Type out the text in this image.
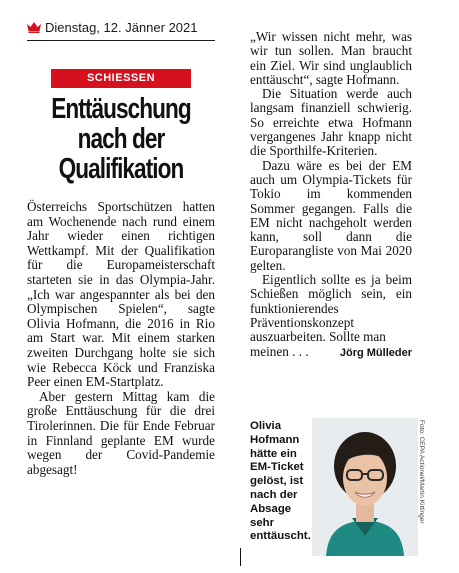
Dienstag, 12. Jänner 2021
SCHIESSEN
Enttäuschung
nach der
Qualifikation

Österreichs Sportschützen hatten am Wochenende nach rund einem Jahr wieder einen richtigen Wettkampf. Mit der Qualifikation für die Europameisterschaft starteten sie in das Olympia-Jahr. „Ich war angespannter als bei den Olympischen Spielen“, sagte Olivia Hofmann, die 2016 in Rio am Start war. Mit einem starken zweiten Durchgang holte sie sich wie Rebecca Köck und Franziska Peer einen EM-Startplatz.

Aber gestern Mittag kam die große Enttäuschung für die drei Tirolerinnen. Die für Ende Februar in Finnland geplante EM wurde wegen der Covid-Pandemie abgesagt!

„Wir wissen nicht mehr, was wir tun sollen. Man braucht ein Ziel. Wir sind unglaublich enttäuscht“, sagte Hofmann.

Die Situation werde auch langsam finanziell schwierig. So erreichte etwa Hofmann vergangenes Jahr knapp nicht die Sporthilfe-Kriterien.

Dazu wäre es bei der EM auch um Olympia-Tickets für Tokio im kommenden Sommer gegangen. Falls die EM nicht nachgeholt werden kann, soll dann die Europarangliste von Mai 2020 gelten.

Eigentlich sollte es ja beim Schießen möglich sein, ein funktionierendes Präventionskonzept auszuarbeiten. Sollte man

meinen . . .	Jörg Mülleder
Olivia Hofmann hätte ein EM-Ticket gelöst, ist nach der Absage sehr enttäuscht.
Foto: CEPA Actionel/Martin Kittinger
